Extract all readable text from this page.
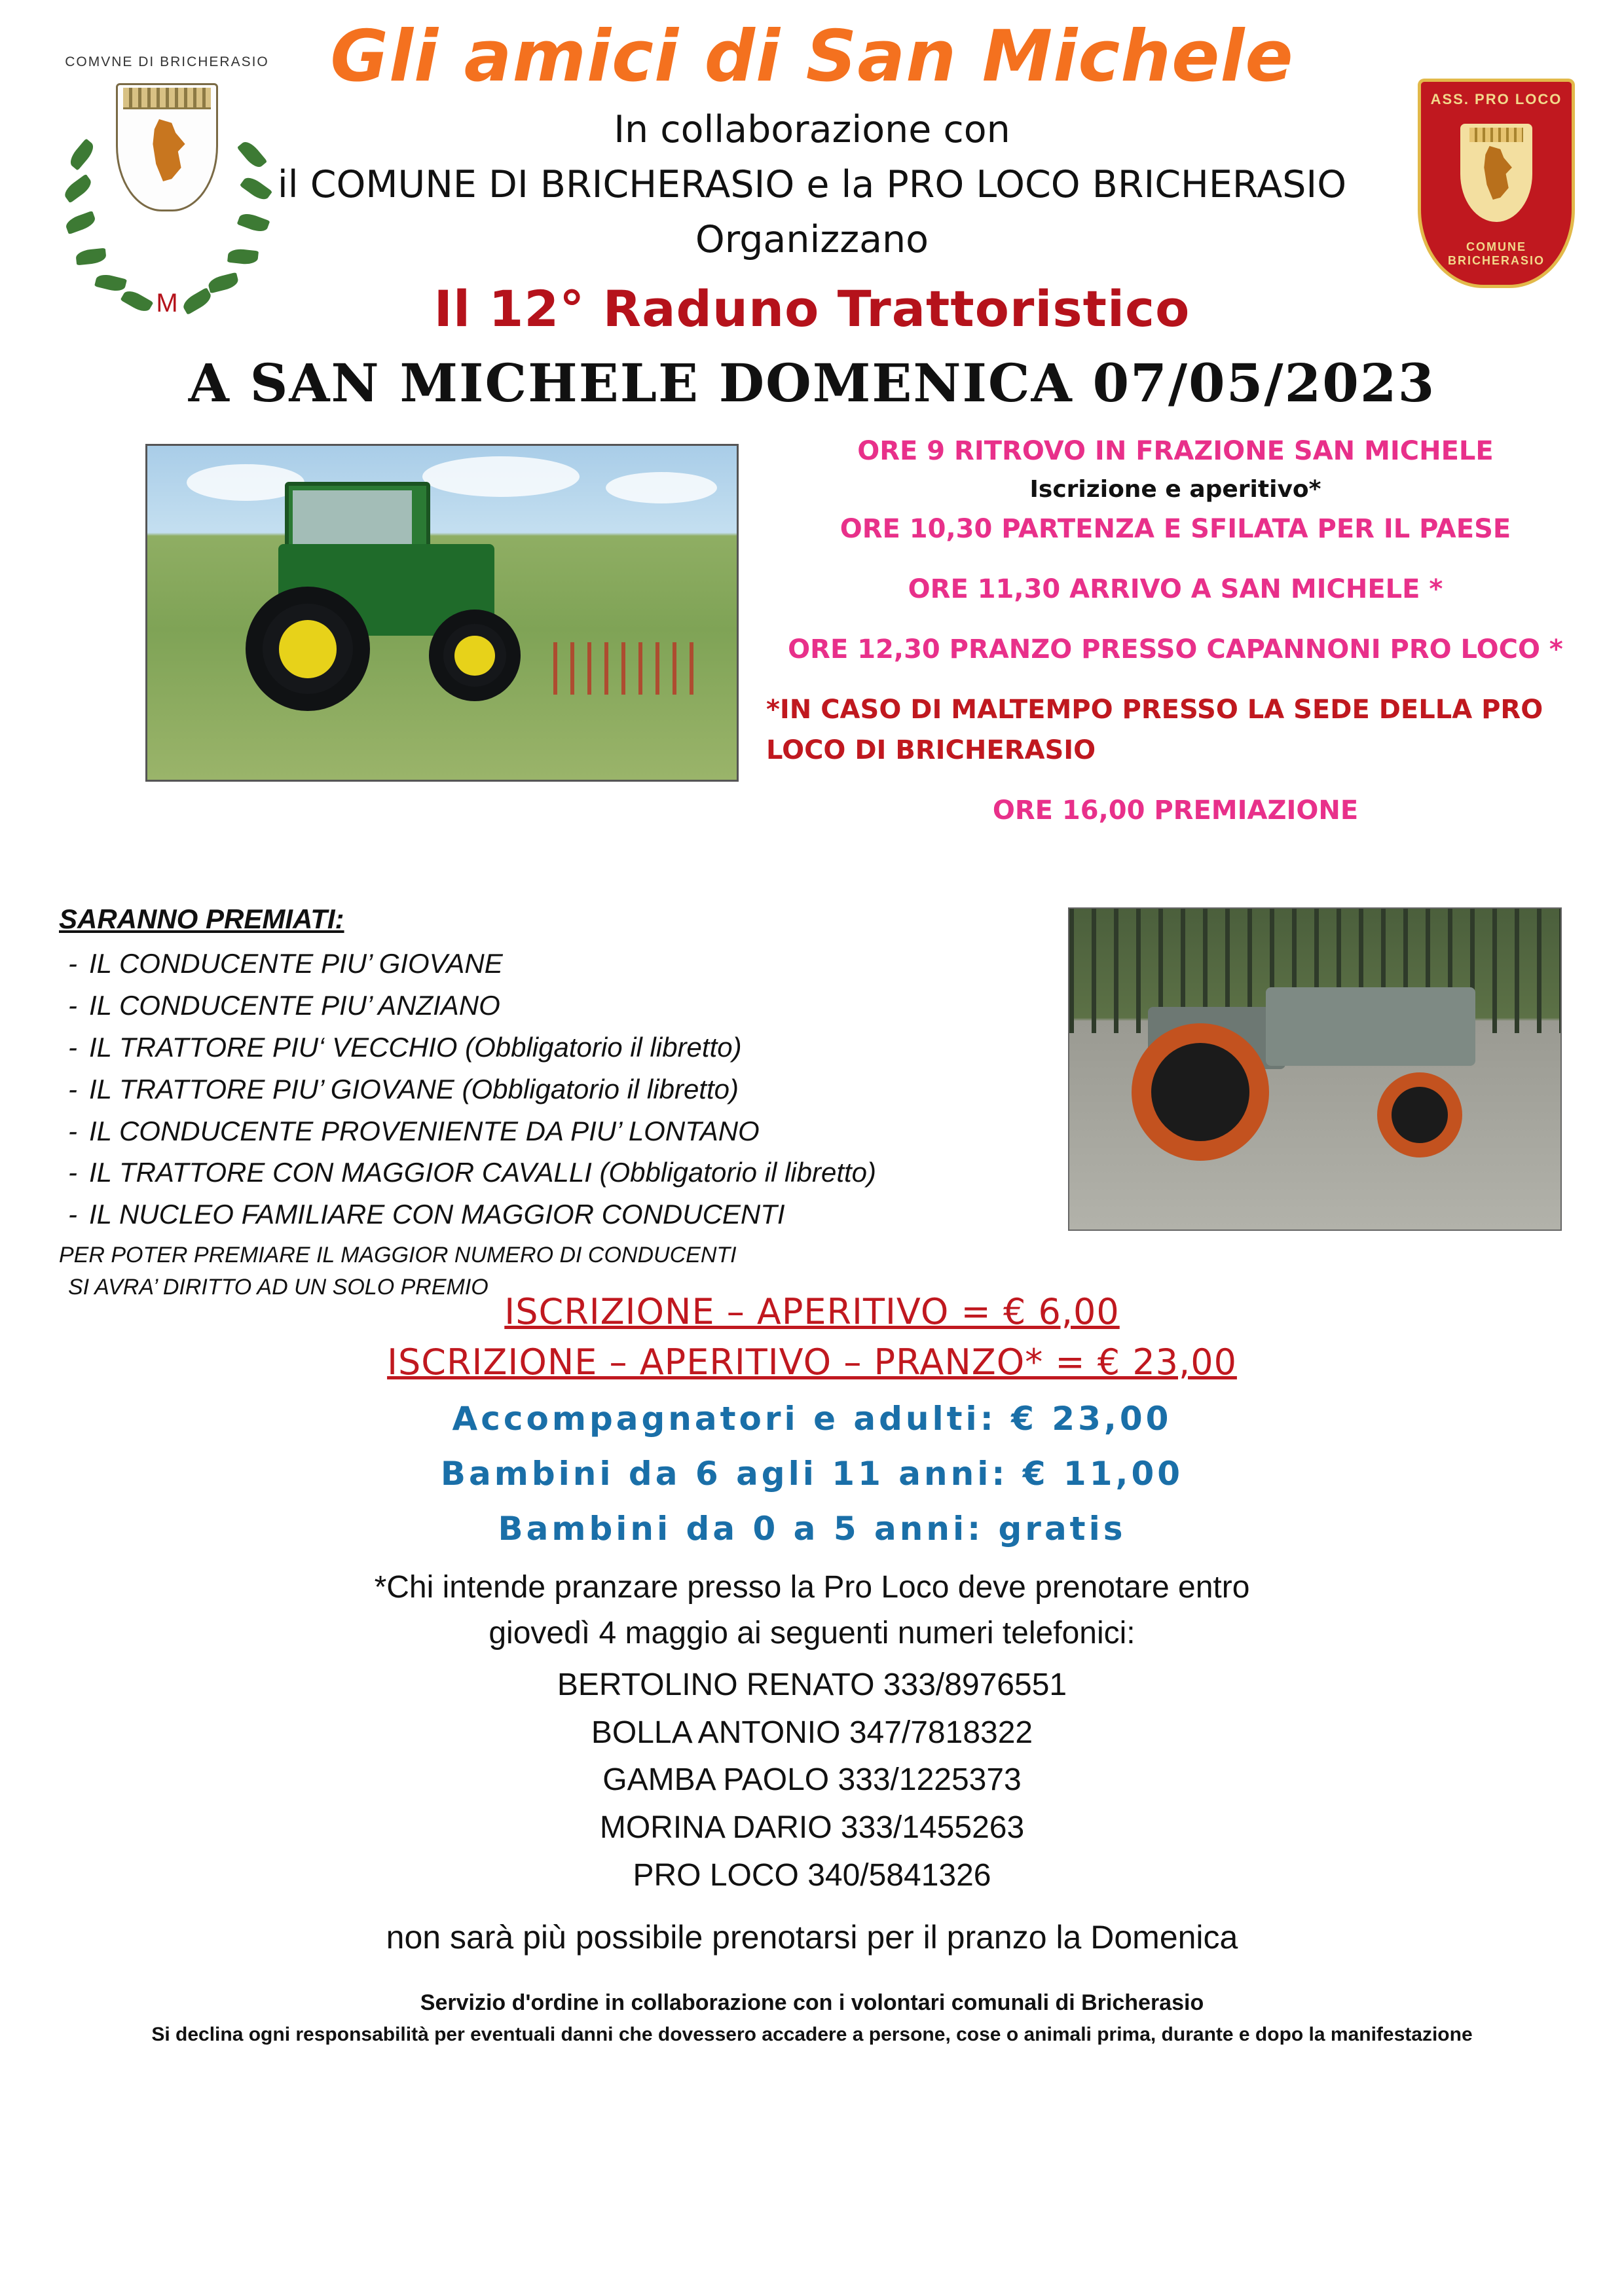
COMVNE DI BRICHERASIO
M
ASS. PRO LOCO
COMUNE BRICHERASIO
Gli amici di San Michele
In collaborazione con
il COMUNE DI BRICHERASIO e la PRO LOCO BRICHERASIO
Organizzano
Il 12° Raduno Trattoristico
A SAN MICHELE DOMENICA 07/05/2023
ORE 9 RITROVO IN FRAZIONE SAN MICHELE
Iscrizione e aperitivo*
ORE 10,30 PARTENZA E SFILATA PER IL PAESE
ORE 11,30 ARRIVO A SAN MICHELE *
ORE 12,30 PRANZO PRESSO CAPANNONI PRO LOCO *
*IN CASO DI MALTEMPO PRESSO LA SEDE DELLA PRO
LOCO DI BRICHERASIO
ORE 16,00 PREMIAZIONE
SARANNO PREMIATI:
- IL CONDUCENTE PIU’ GIOVANE
- IL CONDUCENTE PIU’ ANZIANO
- IL TRATTORE PIU‘ VECCHIO (Obbligatorio il libretto)
- IL TRATTORE PIU’ GIOVANE (Obbligatorio il libretto)
- IL CONDUCENTE PROVENIENTE DA PIU’ LONTANO
- IL TRATTORE CON MAGGIOR CAVALLI (Obbligatorio il libretto)
- IL NUCLEO FAMILIARE CON MAGGIOR CONDUCENTI
PER POTER PREMIARE IL MAGGIOR NUMERO DI CONDUCENTI
SI AVRA’ DIRITTO AD UN SOLO PREMIO
ISCRIZIONE – APERITIVO = € 6,00
ISCRIZIONE – APERITIVO – PRANZO* = € 23,00
Accompagnatori e adulti: € 23,00
Bambini da 6 agli 11 anni: € 11,00
Bambini da 0 a 5 anni: gratis
*Chi intende pranzare presso la Pro Loco deve prenotare entro
giovedì 4 maggio ai seguenti numeri telefonici:
BERTOLINO RENATO 333/8976551
BOLLA ANTONIO 347/7818322
GAMBA PAOLO 333/1225373
MORINA DARIO 333/1455263
PRO LOCO 340/5841326
non sarà più possibile prenotarsi per il pranzo la Domenica
Servizio d'ordine in collaborazione con i volontari comunali di Bricherasio
Si declina ogni responsabilità per eventuali danni che dovessero accadere a persone, cose o animali prima, durante e dopo la manifestazione
